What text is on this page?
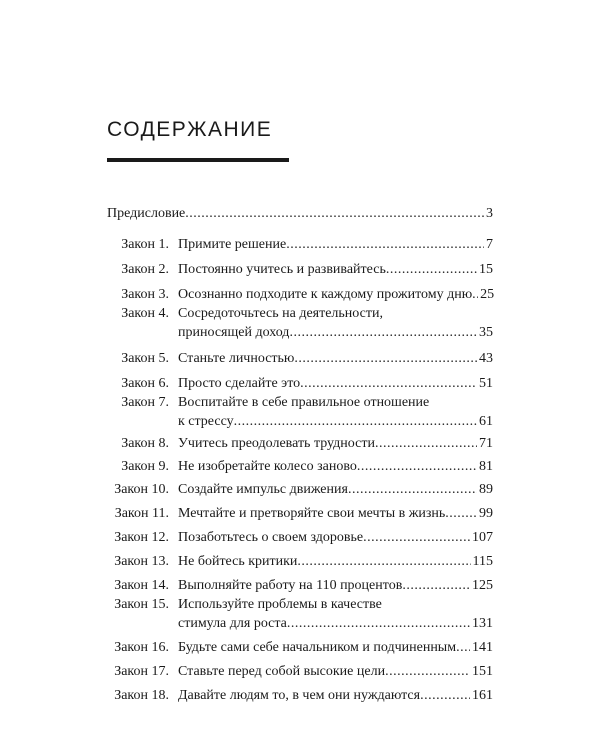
СОДЕРЖАНИЕ
Предисловие .....	3
Закон 1. Примите решение .....	7
Закон 2. Постоянно учитесь и развивайтесь .....	15
Закон 3. Осознанно подходите к каждому прожитому дню ..... 25
Закон 4. Сосредоточьтесь на деятельности,
приносящей доход .....	35
Закон 5. Станьте личностью .....	43
Закон 6. Просто сделайте это .....	51
Закон 7. Воспитайте в себе правильное отношение
к стрессу .....	61
Закон 8. Учитесь преодолевать трудности .....	71
Закон 9. Не изобретайте колесо заново .....	81
Закон 10. Создайте импульс движения .....	89
Закон 11. Мечтайте и претворяйте свои мечты в жизнь ..... 99
Закон 12. Позаботьтесь о своем здоровье .....	107
Закон 13. Не бойтесь критики .....	115
Закон 14. Выполняйте работу на 110 процентов .....	125
Закон 15. Используйте проблемы в качестве
стимула для роста .....	131
Закон 16. Будьте сами себе начальником и подчиненным ..... 141
Закон 17. Ставьте перед собой высокие цели .....	151
Закон 18. Давайте людям то, в чем они нуждаются .....	161
